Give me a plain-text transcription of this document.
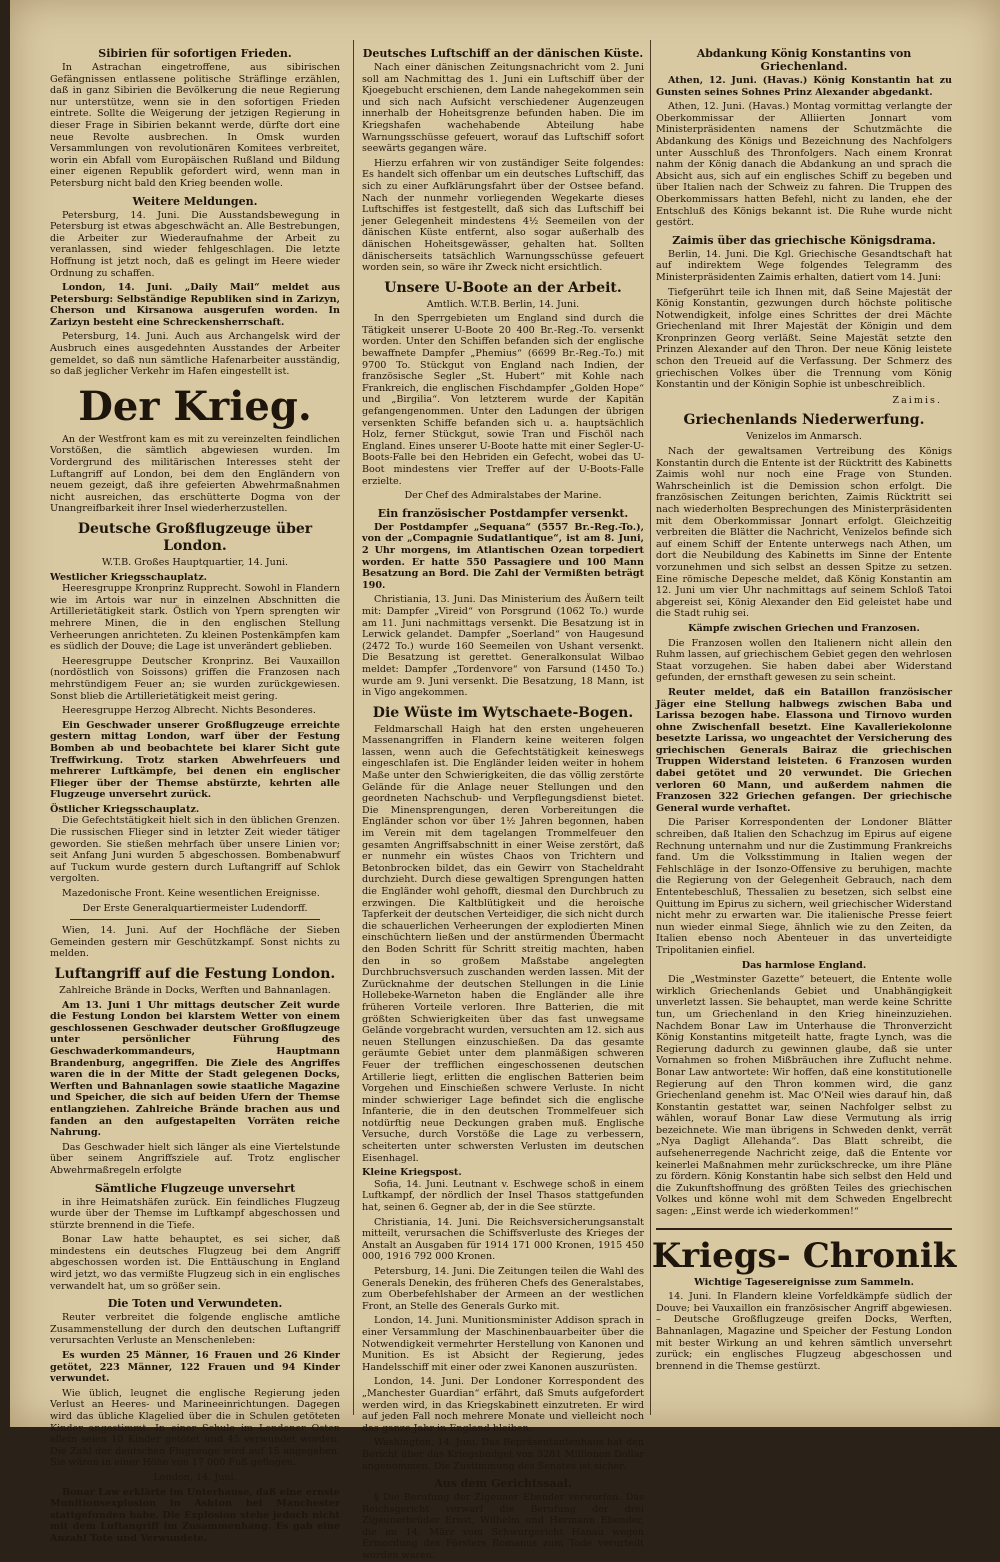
Sibirien für sofortigen Frieden.

In Astrachan eingetroffene, aus sibirischen Gefängnissen entlassene politische Sträflinge erzählen, daß in ganz Sibirien die Bevölkerung die neue Regierung nur unterstütze, wenn sie in den sofortigen Frieden eintrete. Sollte die Weigerung der jetzigen Regierung in dieser Frage in Sibirien bekannt werde, dürfte dort eine neue Revolte ausbrechen. In Omsk wurden Versammlungen von revolutionären Komitees verbreitet, worin ein Abfall vom Europäischen Rußland und Bildung einer eigenen Republik gefordert wird, wenn man in Petersburg nicht bald den Krieg beenden wolle.

Weitere Meldungen.

Petersburg, 14. Juni. Die Ausstandsbewegung in Petersburg ist etwas abgeschwächt an. Alle Bestrebungen, die Arbeiter zur Wiederaufnahme der Arbeit zu veranlassen, sind wieder fehlgeschlagen. Die letzte Hoffnung ist jetzt noch, daß es gelingt im Heere wieder Ordnung zu schaffen.

London, 14. Juni. „Daily Mail“ meldet aus Petersburg: Selbständige Republiken sind in Zarizyn, Cherson und Kirsanowa ausgerufen worden. In Zarizyn besteht eine Schreckensherrschaft.

Petersburg, 14. Juni. Auch aus Archangelsk wird der Ausbruch eines ausgedehnten Ausstandes der Arbeiter gemeldet, so daß nun sämtliche Hafenarbeiter ausständig, so daß jeglicher Verkehr im Hafen eingestellt ist.

Der Krieg.

An der Westfront kam es mit zu vereinzelten feindlichen Vorstößen, die sämtlich abgewiesen wurden. Im Vordergrund des militärischen Interesses steht der Luftangriff auf London, bei dem den Engländern von neuem gezeigt, daß ihre gefeierten Abwehrmaßnahmen nicht ausreichen, das erschütterte Dogma von der Unangreifbarkeit ihrer Insel wiederherzustellen.

Deutsche Großflugzeuge über London.
W.T.B. Großes Hauptquartier, 14. Juni.
Westlicher Kriegsschauplatz.

Heeresgruppe Kronprinz Rupprecht. Sowohl in Flandern wie im Artois war nur in einzelnen Abschnitten die Artillerietätigkeit stark. Östlich von Ypern sprengten wir mehrere Minen, die in den englischen Stellung Verheerungen anrichteten. Zu kleinen Postenkämpfen kam es südlich der Douve; die Lage ist unverändert geblieben.

Heeresgruppe Deutscher Kronprinz. Bei Vauxaillon (nordöstlich von Soissons) griffen die Franzosen nach mehrstündigem Feuer an; sie wurden zurückgewiesen. Sonst blieb die Artillerietätigkeit meist gering.

Heeresgruppe Herzog Albrecht. Nichts Besonderes.

Ein Geschwader unserer Großflugzeuge erreichte gestern mittag London, warf über der Festung Bomben ab und beobachtete bei klarer Sicht gute Treffwirkung. Trotz starken Abwehrfeuers und mehrerer Luftkämpfe, bei denen ein englischer Flieger über der Themse abstürzte, kehrten alle Flugzeuge unversehrt zurück.

Östlicher Kriegsschauplatz.

Die Gefechtstätigkeit hielt sich in den üblichen Grenzen. Die russischen Flieger sind in letzter Zeit wieder tätiger geworden. Sie stießen mehrfach über unsere Linien vor; seit Anfang Juni wurden 5 abgeschossen. Bombenabwurf auf Tuckum wurde gestern durch Luftangriff auf Schlok vergolten.

Mazedonische Front. Keine wesentlichen Ereignisse.

Der Erste Generalquartiermeister Ludendorff.

Wien, 14. Juni. Auf der Hochfläche der Sieben Gemeinden gestern mir Geschützkampf. Sonst nichts zu melden.

Luftangriff auf die Festung London.
Zahlreiche Brände in Docks, Werften und Bahnanlagen.

Am 13. Juni 1 Uhr mittags deutscher Zeit wurde die Festung London bei klarstem Wetter von einem geschlossenen Geschwader deutscher Großflugzeuge unter persönlicher Führung des Geschwaderkommandeurs, Hauptmann Brandenburg, angegriffen. Die Ziele des Angriffes waren die in der Mitte der Stadt gelegenen Docks, Werften und Bahnanlagen sowie staatliche Magazine und Speicher, die sich auf beiden Ufern der Themse entlangziehen. Zahlreiche Brände brachen aus und fanden an den aufgestapelten Vorräten reiche Nahrung.

Das Geschwader hielt sich länger als eine Viertelstunde über seinem Angriffsziele auf. Trotz englischer Abwehrmaßregeln erfolgte

Sämtliche Flugzeuge unversehrt

in ihre Heimatshäfen zurück. Ein feindliches Flugzeug wurde über der Themse im Luftkampf abgeschossen und stürzte brennend in die Tiefe.

Bonar Law hatte behauptet, es sei sicher, daß mindestens ein deutsches Flugzeug bei dem Angriff abgeschossen worden ist. Die Enttäuschung in England wird jetzt, wo das vermißte Flugzeug sich in ein englisches verwandelt hat, um so größer sein.

Die Toten und Verwundeten.

Reuter verbreitet die folgende englische amtliche Zusammenstellung der durch den deutschen Luftangriff verursachten Verluste an Menschenleben:

Es wurden 25 Männer, 16 Frauen und 26 Kinder getötet, 223 Männer, 122 Frauen und 94 Kinder verwundet.

Wie üblich, leugnet die englische Regierung jeden Verlust an Heeres- und Marineeinrichtungen. Dagegen wird das übliche Klagelied über die in Schulen getöteten Kinder angestimmt. In einer Schule im Londoner Osten allein seien 10 Kinder getötet und 45 verwundet worden. Die Zahl der deutschen Flugzeuge wird auf 15 angegeben. Sie wären in einer Höhe von 17 000 Fuß geflogen.

London, 14. Juni.

Bonar Law erklärte im Unterhause, daß eine ernste Munitionsexplosion in Ashton bei Manchester stattgefunden habe. Die Explosion stehe jedoch nicht mit dem Luftangriff im Zusammenhang. Es gab eine Anzahl Tote und Verwundete.

Deutsches Luftschiff an der dänischen Küste.

Nach einer dänischen Zeitungsnachricht vom 2. Juni soll am Nachmittag des 1. Juni ein Luftschiff über der Kjoegebucht erschienen, dem Lande nahegekommen sein und sich nach Aufsicht verschiedener Augenzeugen innerhalb der Hoheitsgrenze befunden haben. Die im Kriegshafen wachehabende Abteilung habe Warnungsschüsse gefeuert, worauf das Luftschiff sofort seewärts gegangen wäre.

Hierzu erfahren wir von zuständiger Seite folgendes: Es handelt sich offenbar um ein deutsches Luftschiff, das sich zu einer Aufklärungsfahrt über der Ostsee befand. Nach der nunmehr vorliegenden Wegekarte dieses Luftschiffes ist festgestellt, daß sich das Luftschiff bei jener Gelegenheit mindestens 4½ Seemeilen von der dänischen Küste entfernt, also sogar außerhalb des dänischen Hoheitsgewässer, gehalten hat. Sollten dänischerseits tatsächlich Warnungsschüsse gefeuert worden sein, so wäre ihr Zweck nicht ersichtlich.

Unsere U-Boote an der Arbeit.
Amtlich. W.T.B. Berlin, 14. Juni.

In den Sperrgebieten um England sind durch die Tätigkeit unserer U-Boote 20 400 Br.-Reg.-To. versenkt worden. Unter den Schiffen befanden sich der englische bewaffnete Dampfer „Phemius“ (6699 Br.-Reg.-To.) mit 9700 To. Stückgut von England nach Indien, der französische Segler „St. Hubert“ mit Kohle nach Frankreich, die englischen Fischdampfer „Golden Hope“ und „Birgilia“. Von letzterem wurde der Kapitän gefangengenommen. Unter den Ladungen der übrigen versenkten Schiffe befanden sich u. a. hauptsächlich Holz, ferner Stückgut, sowie Tran und Fischöl nach England. Eines unserer U-Boote hatte mit einer Segler-U-Boots-Falle bei den Hebriden ein Gefecht, wobei das U-Boot mindestens vier Treffer auf der U-Boots-Falle erzielte.

Der Chef des Admiralstabes der Marine.
Ein französischer Postdampfer versenkt.

Der Postdampfer „Sequana“ (5557 Br.-Reg.-To.), von der „Compagnie Sudatlantique“, ist am 8. Juni, 2 Uhr morgens, im Atlantischen Ozean torpediert worden. Er hatte 550 Passagiere und 100 Mann Besatzung an Bord. Die Zahl der Vermißten beträgt 190.

Christiania, 13. Juni. Das Ministerium des Äußern teilt mit: Dampfer „Vireid“ von Porsgrund (1062 To.) wurde am 11. Juni nachmittags versenkt. Die Besatzung ist in Lerwick gelandet. Dampfer „Soerland“ von Haugesund (2472 To.) wurde 160 Seemeilen von Ushant versenkt. Die Besatzung ist gerettet. Generalkonsulat Wilbao meldet: Dampfer „Tordenvore“ von Farsund (1450 To.) wurde am 9. Juni versenkt. Die Besatzung, 18 Mann, ist in Vigo angekommen.

Die Wüste im Wytschaete-Bogen.

Feldmarschall Haigh hat den ersten ungeheueren Massenangriffen in Flandern keine weiteren folgen lassen, wenn auch die Gefechtstätigkeit keineswegs eingeschlafen ist. Die Engländer leiden weiter in hohem Maße unter den Schwierigkeiten, die das völlig zerstörte Gelände für die Anlage neuer Stellungen und den geordneten Nachschub- und Verpflegungsdienst bietet. Die Minensprengungen, deren Vorbereitungen die Engländer schon vor über 1½ Jahren begonnen, haben im Verein mit dem tagelangen Trommelfeuer den gesamten Angriffsabschnitt in einer Weise zerstört, daß er nunmehr ein wüstes Chaos von Trichtern und Betonbrocken bildet, das ein Gewirr von Stacheldraht durchzieht. Durch diese gewaltigen Sprengungen hatten die Engländer wohl gehofft, diesmal den Durchbruch zu erzwingen. Die Kaltblütigkeit und die heroische Tapferkeit der deutschen Verteidiger, die sich nicht durch die schauerlichen Verheerungen der explodierten Minen einschüchtern ließen und der anstürmenden Übermacht den Boden Schritt für Schritt streitig machten, haben den in so großem Maßstabe angelegten Durchbruchsversuch zuschanden werden lassen. Mit der Zurücknahme der deutschen Stellungen in die Linie Hollebeke-Warneton haben die Engländer alle ihre früheren Vorteile verloren. Ihre Batterien, die mit größten Schwierigkeiten über das fast unwegsame Gelände vorgebracht wurden, versuchten am 12. sich aus neuen Stellungen einzuschießen. Da das gesamte geräumte Gebiet unter dem planmäßigen schweren Feuer der trefflichen eingeschossenen deutschen Artillerie liegt, erlitten die englischen Batterien beim Vorgehen und Einschießen schwere Verluste. In nicht minder schwieriger Lage befindet sich die englische Infanterie, die in den deutschen Trommelfeuer sich notdürftig neue Deckungen graben muß. Englische Versuche, durch Vorstöße die Lage zu verbessern, scheiterten unter schwersten Verlusten im deutschen Eisenhagel.

Kleine Kriegspost.

Sofia, 14. Juni. Leutnant v. Eschwege schoß in einem Luftkampf, der nördlich der Insel Thasos stattgefunden hat, seinen 6. Gegner ab, der in die See stürzte.

Christiania, 14. Juni. Die Reichsversicherungsanstalt mitteilt, verursachen die Schiffsverluste des Krieges der Anstalt an Ausgaben für 1914 171 000 Kronen, 1915 450 000, 1916 792 000 Kronen.

Petersburg, 14. Juni. Die Zeitungen teilen die Wahl des Generals Denekin, des früheren Chefs des Generalstabes, zum Oberbefehlshaber der Armeen an der westlichen Front, an Stelle des Generals Gurko mit.

London, 14. Juni. Munitionsminister Addison sprach in einer Versammlung der Maschinenbauarbeiter über die Notwendigkeit vermehrter Herstellung von Kanonen und Munition. Es ist Absicht der Regierung, jedes Handelsschiff mit einer oder zwei Kanonen auszurüsten.

London, 14. Juni. Der Londoner Korrespondent des „Manchester Guardian“ erfährt, daß Smuts aufgefordert werden wird, in das Kriegskabinett einzutreten. Er wird auf jeden Fall noch mehrere Monate und vielleicht noch das ganze Jahr in England bleiben.

Washington, 14. Juni. Das Repräsentantenhaus hat den Bericht über das Kriegsbudget von 3281 Millionen Dollar angenommen. Die Zustimmung des Senates ist sicher.

Aus dem Gerichtssaal.

§ Die Berufung der Zigeuner Ebender verworfen. Das Reichsgericht verwarf die Berufung der drei Zigeunerbrüder Ernst, Wilhelm und Hermann Ebender, die im 14. März vom Schwurgericht Hanau wegen Ermordung des Försters Romanus zum Tode verurteilt worden waren.

Abdankung König Konstantins von Griechenland.

Athen, 12. Juni. (Havas.) König Konstantin hat zu Gunsten seines Sohnes Prinz Alexander abgedankt.

Athen, 12. Juni. (Havas.) Montag vormittag verlangte der Oberkommissar der Alliierten Jonnart vom Ministerpräsidenten namens der Schutzmächte die Abdankung des Königs und Bezeichnung des Nachfolgers unter Ausschluß des Thronfolgers. Nach einem Kronrat nahm der König danach die Abdankung an und sprach die Absicht aus, sich auf ein englisches Schiff zu begeben und über Italien nach der Schweiz zu fahren. Die Truppen des Oberkommissars hatten Befehl, nicht zu landen, ehe der Entschluß des Königs bekannt ist. Die Ruhe wurde nicht gestört.

Zaimis über das griechische Königsdrama.

Berlin, 14. Juni. Die Kgl. Griechische Gesandtschaft hat auf indirektem Wege folgendes Telegramm des Ministerpräsidenten Zaimis erhalten, datiert vom 14. Juni:

Tiefgerührt teile ich Ihnen mit, daß Seine Majestät der König Konstantin, gezwungen durch höchste politische Notwendigkeit, infolge eines Schrittes der drei Mächte Griechenland mit Ihrer Majestät der Königin und dem Kronprinzen Georg verläßt. Seine Majestät setzte den Prinzen Alexander auf den Thron. Der neue König leistete schon den Treueid auf die Verfassung. Der Schmerz des griechischen Volkes über die Trennung vom König Konstantin und der Königin Sophie ist unbeschreiblich.

Zaimis.
Griechenlands Niederwerfung.
Venizelos im Anmarsch.

Nach der gewaltsamen Vertreibung des Königs Konstantin durch die Entente ist der Rücktritt des Kabinetts Zaimis wohl nur noch eine Frage von Stunden. Wahrscheinlich ist die Demission schon erfolgt. Die französischen Zeitungen berichten, Zaimis Rücktritt sei nach wiederholten Besprechungen des Ministerpräsidenten mit dem Oberkommissar Jonnart erfolgt. Gleichzeitig verbreiten die Blätter die Nachricht, Venizelos befinde sich auf einem Schiff der Entente unterwegs nach Athen, um dort die Neubildung des Kabinetts im Sinne der Entente vorzunehmen und sich selbst an dessen Spitze zu setzen. Eine römische Depesche meldet, daß König Konstantin am 12. Juni um vier Uhr nachmittags auf seinem Schloß Tatoi abgereist sei, König Alexander den Eid geleistet habe und die Stadt ruhig sei.

Kämpfe zwischen Griechen und Franzosen.

Die Franzosen wollen den Italienern nicht allein den Ruhm lassen, auf griechischem Gebiet gegen den wehrlosen Staat vorzugehen. Sie haben dabei aber Widerstand gefunden, der ernsthaft gewesen zu sein scheint.

Reuter meldet, daß ein Bataillon französischer Jäger eine Stellung halbwegs zwischen Baba und Larissa bezogen habe. Elassona und Tirnovo wurden ohne Zwischenfall besetzt. Eine Kavalleriekolonne besetzte Larissa, wo ungeachtet der Versicherung des griechischen Generals Bairaz die griechischen Truppen Widerstand leisteten. 6 Franzosen wurden dabei getötet und 20 verwundet. Die Griechen verloren 60 Mann, und außerdem nahmen die Franzosen 322 Griechen gefangen. Der griechische General wurde verhaftet.

Die Pariser Korrespondenten der Londoner Blätter schreiben, daß Italien den Schachzug im Epirus auf eigene Rechnung unternahm und nur die Zustimmung Frankreichs fand. Um die Volksstimmung in Italien wegen der Fehlschläge in der Isonzo-Offensive zu beruhigen, machte die Regierung von der Gelegenheit Gebrauch, nach dem Ententebeschluß, Thessalien zu besetzen, sich selbst eine Quittung im Epirus zu sichern, weil griechischer Widerstand nicht mehr zu erwarten war. Die italienische Presse feiert nun wieder einmal Siege, ähnlich wie zu den Zeiten, da Italien ebenso noch Abenteuer in das unverteidigte Tripolitanien einfiel.

Das harmlose England.

Die „Westminster Gazette“ beteuert, die Entente wolle wirklich Griechenlands Gebiet und Unabhängigkeit unverletzt lassen. Sie behauptet, man werde keine Schritte tun, um Griechenland in den Krieg hineinzuziehen. Nachdem Bonar Law im Unterhause die Thronverzicht König Konstantins mitgeteilt hatte, fragte Lynch, was die Regierung dadurch zu gewinnen glaube, daß sie unter Vornahmen so frohen Mißbräuchen ihre Zuflucht nehme. Bonar Law antwortete: Wir hoffen, daß eine konstitutionelle Regierung auf den Thron kommen wird, die ganz Griechenland genehm ist. Mac O'Neil wies darauf hin, daß Konstantin gestattet war, seinen Nachfolger selbst zu wählen, worauf Bonar Law diese Vermutung als irrig bezeichnete. Wie man übrigens in Schweden denkt, verrät „Nya Dagligt Allehanda“. Das Blatt schreibt, die aufsehenerregende Nachricht zeige, daß die Entente vor keinerlei Maßnahmen mehr zurückschrecke, um ihre Pläne zu fördern. König Konstantin habe sich selbst den Held und die Zukunftshoffnung des größten Teiles des griechischen Volkes und könne wohl mit dem Schweden Engelbrecht sagen: „Einst werde ich wiederkommen!“

Kriegs- Chronik
Wichtige Tagesereignisse zum Sammeln.

14. Juni. In Flandern kleine Vorfeldkämpfe südlich der Douve; bei Vauxaillon ein französischer Angriff abgewiesen. – Deutsche Großflugzeuge greifen Docks, Werften, Bahnanlagen, Magazine und Speicher der Festung London mit bester Wirkung an und kehren sämtlich unversehrt zurück; ein englisches Flugzeug abgeschossen und brennend in die Themse gestürzt.
